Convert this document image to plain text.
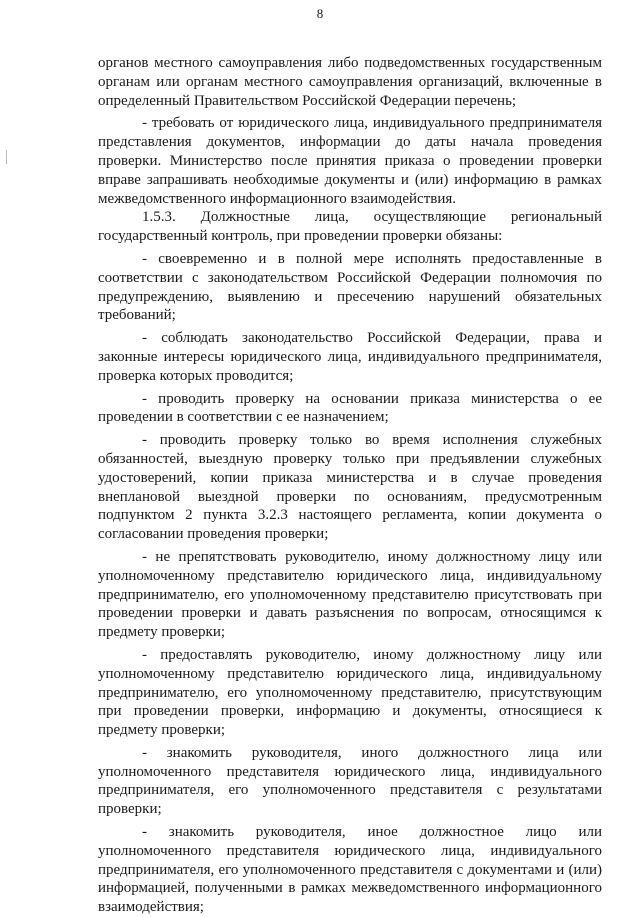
8

органов местного самоуправления либо подведомственных государственным органам или органам местного самоуправления организаций, включенные в определенный Правительством Российской Федерации перечень;

- требовать от юридического лица, индивидуального предпринимателя представления документов, информации до даты начала проведения проверки. Министерство после принятия приказа о проведении проверки вправе запрашивать необходимые документы и (или) информацию в рамках межведомственного информационного взаимодействия.

1.5.3. Должностные лица, осуществляющие региональный государственный контроль, при проведении проверки обязаны:

- своевременно и в полной мере исполнять предоставленные в соответствии с законодательством Российской Федерации полномочия по предупреждению, выявлению и пресечению нарушений обязательных требований;

- соблюдать законодательство Российской Федерации, права и законные интересы юридического лица, индивидуального предпринимателя, проверка которых проводится;

- проводить проверку на основании приказа министерства о ее проведении в соответствии с ее назначением;

- проводить проверку только во время исполнения служебных обязанностей, выездную проверку только при предъявлении служебных удостоверений, копии приказа министерства и в случае проведения внеплановой выездной проверки по основаниям, предусмотренным подпунктом 2 пункта 3.2.3 настоящего регламента, копии документа о согласовании проведения проверки;

- не препятствовать руководителю, иному должностному лицу или уполномоченному представителю юридического лица, индивидуальному предпринимателю, его уполномоченному представителю присутствовать при проведении проверки и давать разъяснения по вопросам, относящимся к предмету проверки;

- предоставлять руководителю, иному должностному лицу или уполномоченному представителю юридического лица, индивидуальному предпринимателю, его уполномоченному представителю, присутствующим при проведении проверки, информацию и документы, относящиеся к предмету проверки;

- знакомить руководителя, иного должностного лица или уполномоченного представителя юридического лица, индивидуального предпринимателя, его уполномоченного представителя с результатами проверки;

- знакомить руководителя, иное должностное лицо или уполномоченного представителя юридического лица, индивидуального предпринимателя, его уполномоченного представителя с документами и (или) информацией, полученными в рамках межведомственного информационного взаимодействия;
